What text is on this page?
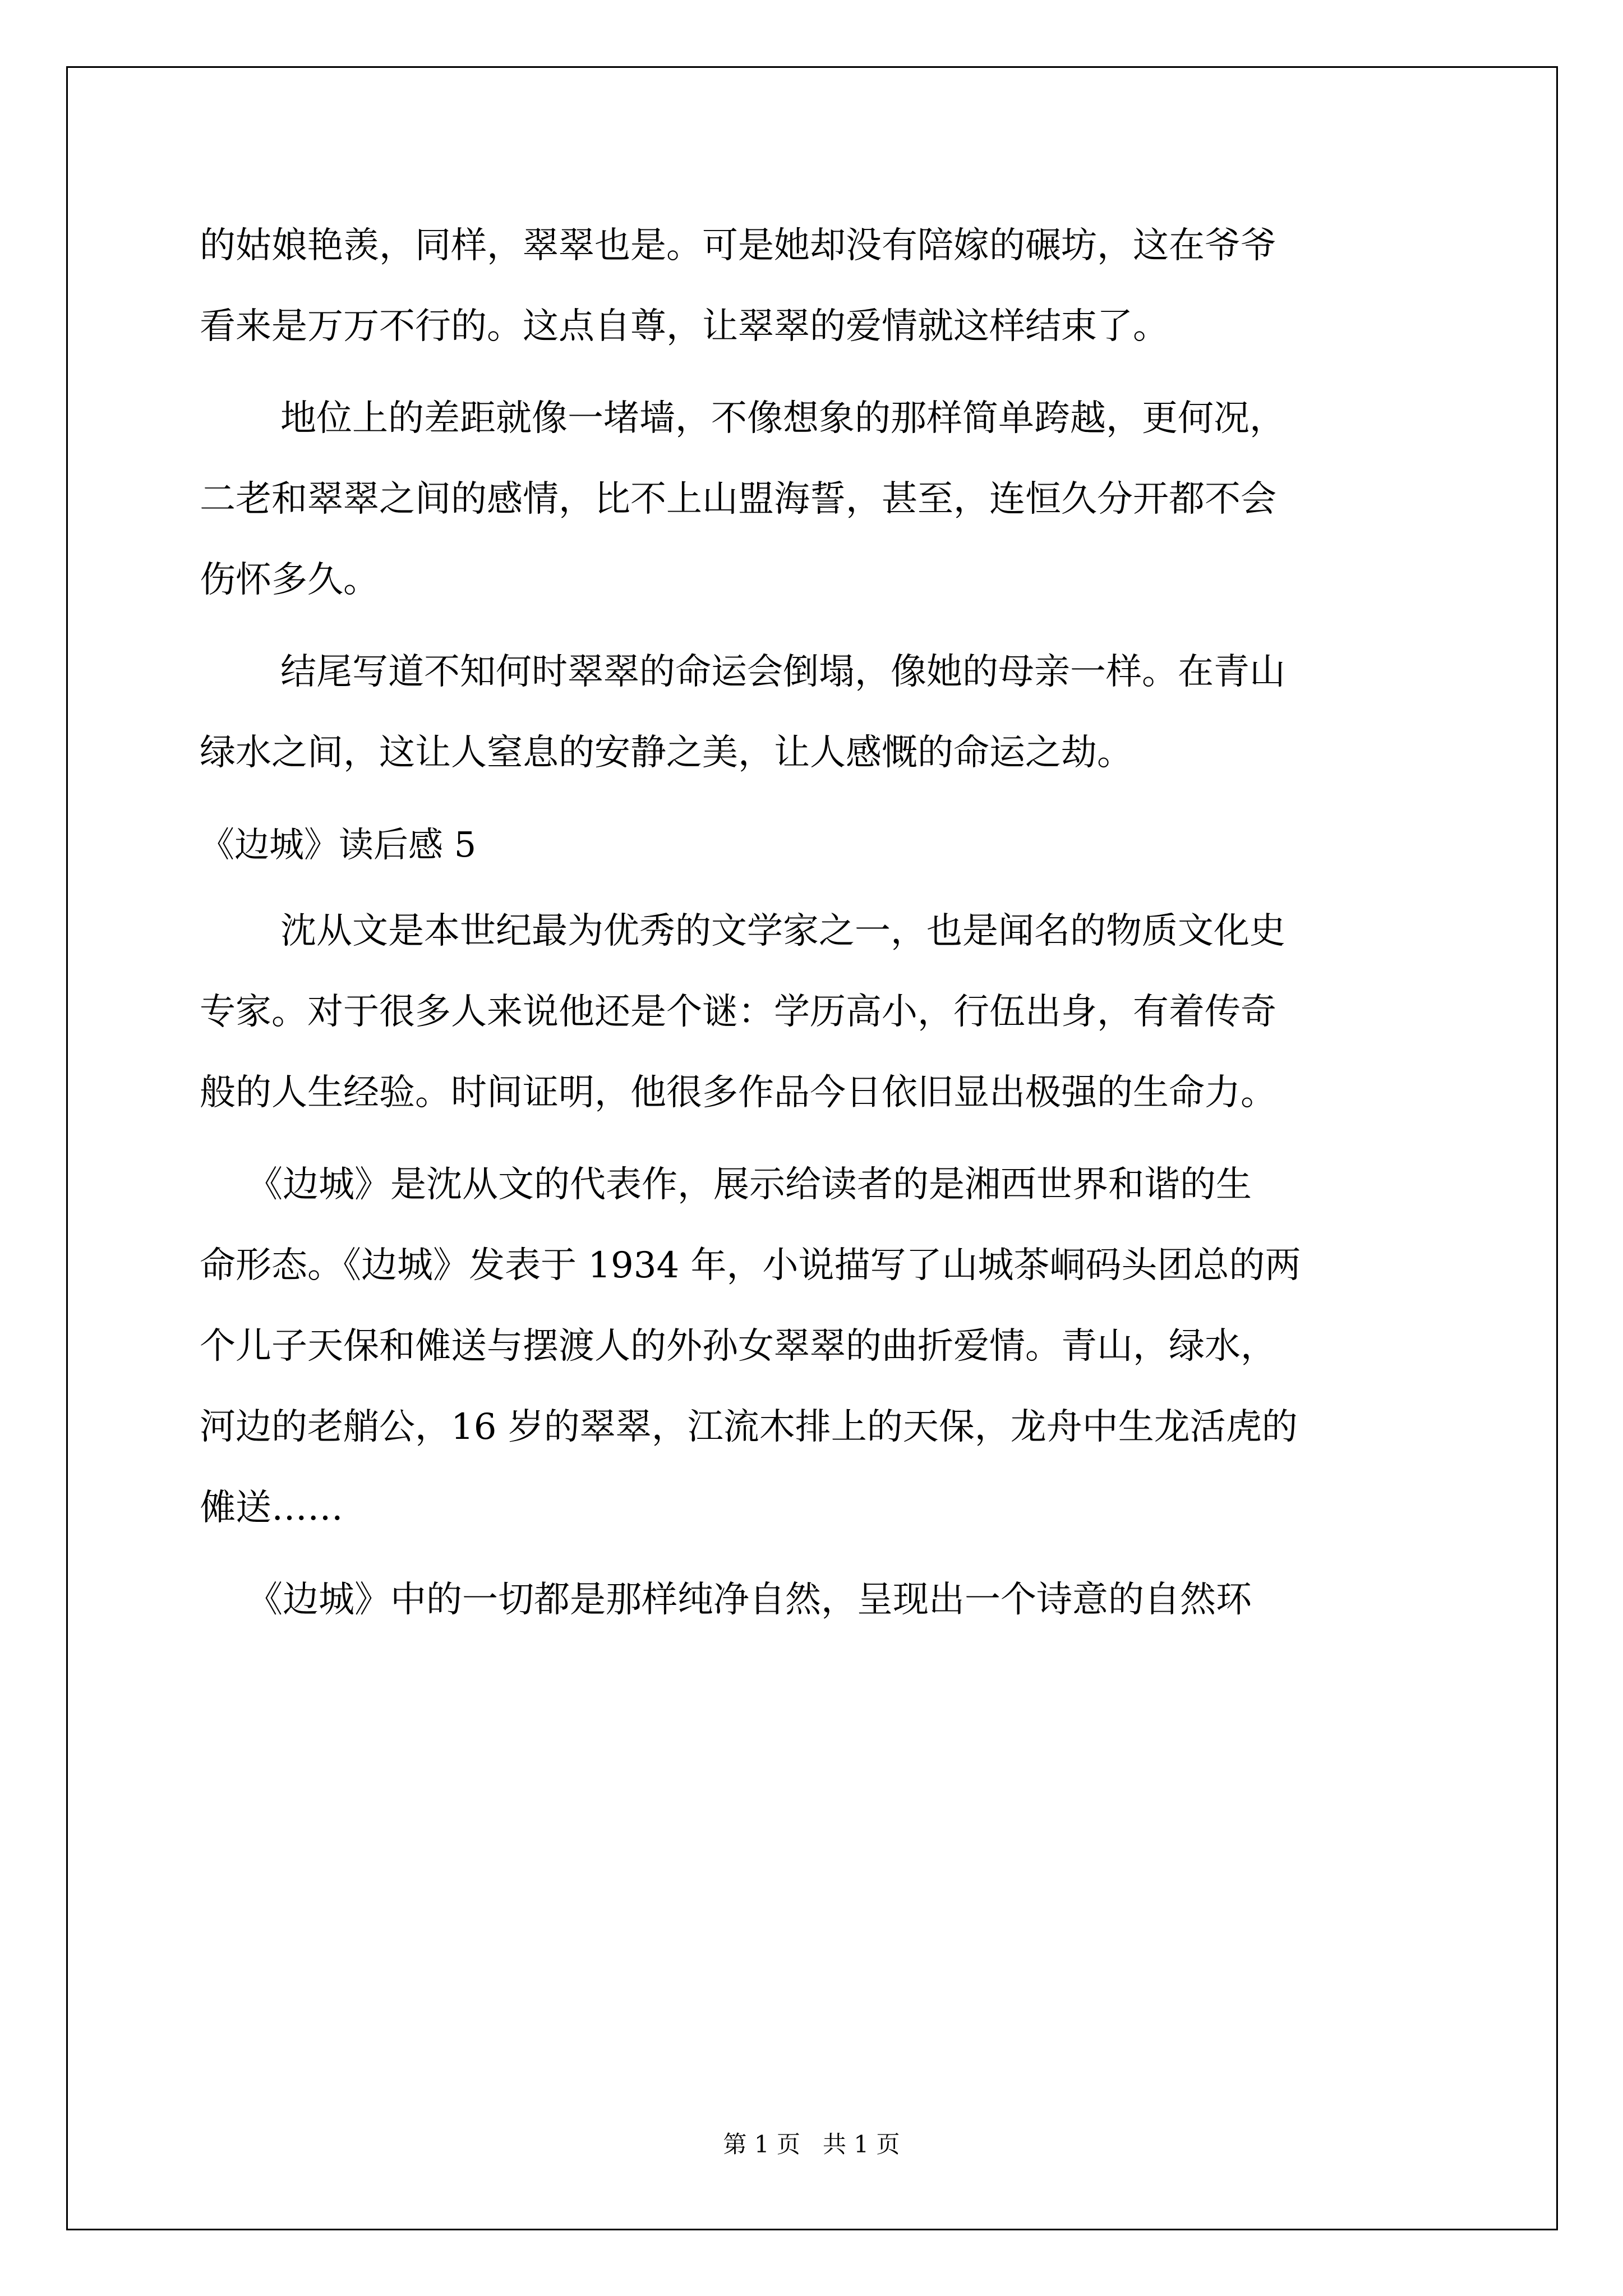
的姑娘艳羡，同样，翠翠也是。可是她却没有陪嫁的碾坊，这在爷爷

看来是万万不行的。这点自尊，让翠翠的爱情就这样结束了。

地位上的差距就像一堵墙，不像想象的那样简单跨越，更何况，

二老和翠翠之间的感情，比不上山盟海誓，甚至，连恒久分开都不会

伤怀多久。

结尾写道不知何时翠翠的命运会倒塌，像她的母亲一样。在青山

绿水之间，这让人窒息的安静之美，让人感慨的命运之劫。

《边城》读后感 5

沈从文是本世纪最为优秀的文学家之一，也是闻名的物质文化史

专家。对于很多人来说他还是个谜：学历高小，行伍出身，有着传奇

般的人生经验。时间证明，他很多作品今日依旧显出极强的生命力。

《边城》是沈从文的代表作，展示给读者的是湘西世界和谐的生

命形态。《边城》发表于 1934 年，小说描写了山城茶峒码头团总的两

个儿子天保和傩送与摆渡人的外孙女翠翠的曲折爱情。青山，绿水，

河边的老艄公，16 岁的翠翠，江流木排上的天保，龙舟中生龙活虎的

傩送……

《边城》中的一切都是那样纯净自然，呈现出一个诗意的自然环

第 1 页   共 1 页
